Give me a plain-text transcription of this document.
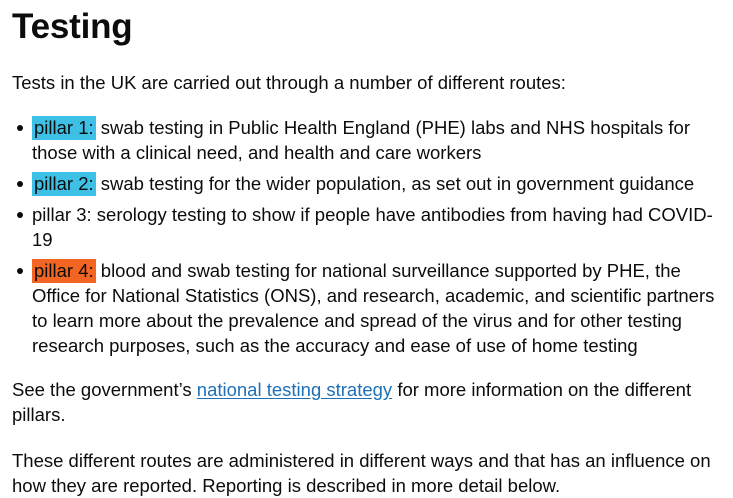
Testing

Tests in the UK are carried out through a number of different routes:

pillar 1: swab testing in Public Health England (PHE) labs and NHS hospitals for those with a clinical need, and health and care workers
pillar 2: swab testing for the wider population, as set out in government guidance
pillar 3: serology testing to show if people have antibodies from having had COVID-19
pillar 4: blood and swab testing for national surveillance supported by PHE, the Office for National Statistics (ONS), and research, academic, and scientific partners to learn more about the prevalence and spread of the virus and for other testing research purposes, such as the accuracy and ease of use of home testing

See the government’s national testing strategy for more information on the different pillars.

These different routes are administered in different ways and that has an influence on how they are reported. Reporting is described in more detail below.
